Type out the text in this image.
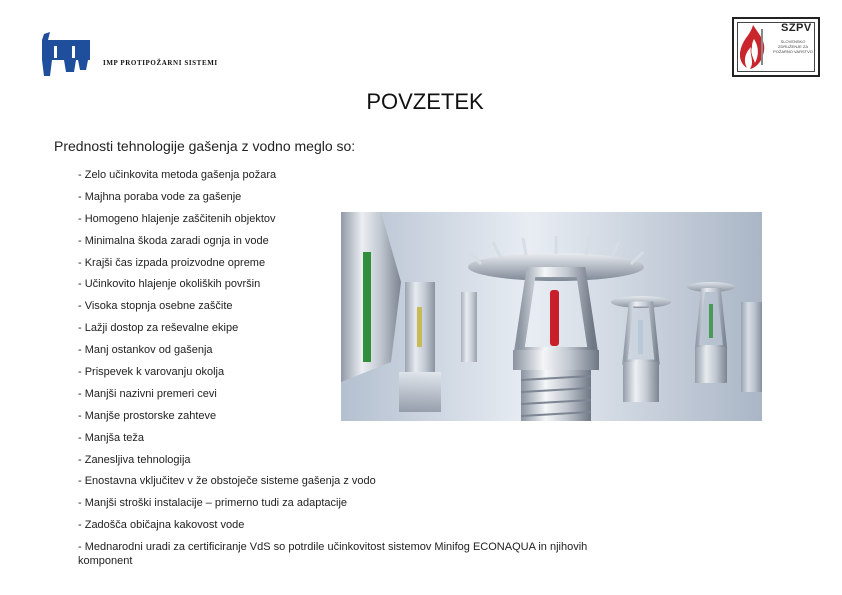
IMP PROTIPOŽARNI SISTEMI
SZPV
SLOVENSKO ZDRUŽENJE ZA POŽARNO VARSTVO
POVZETEK
Prednosti tehnologije gašenja z vodno meglo so:
- Zelo učinkovita metoda gašenja požara
- Majhna poraba vode za gašenje
- Homogeno hlajenje zaščitenih objektov
- Minimalna škoda zaradi ognja in vode
- Krajši čas izpada proizvodne opreme
- Učinkovito hlajenje okoliških površin
- Visoka stopnja osebne zaščite
- Lažji dostop za reševalne ekipe
- Manj ostankov od gašenja
- Prispevek k varovanju okolja
- Manjši nazivni premeri cevi
- Manjše prostorske zahteve
- Manjša teža
- Zanesljiva tehnologija
- Enostavna vključitev v že obstoječe sisteme gašenja z vodo
- Manjši stroški instalacije – primerno tudi za adaptacije
- Zadošča običajna kakovost vode
- Mednarodni uradi za certificiranje VdS so potrdile učinkovitost sistemov Minifog ECONAQUA in njihovih komponent
